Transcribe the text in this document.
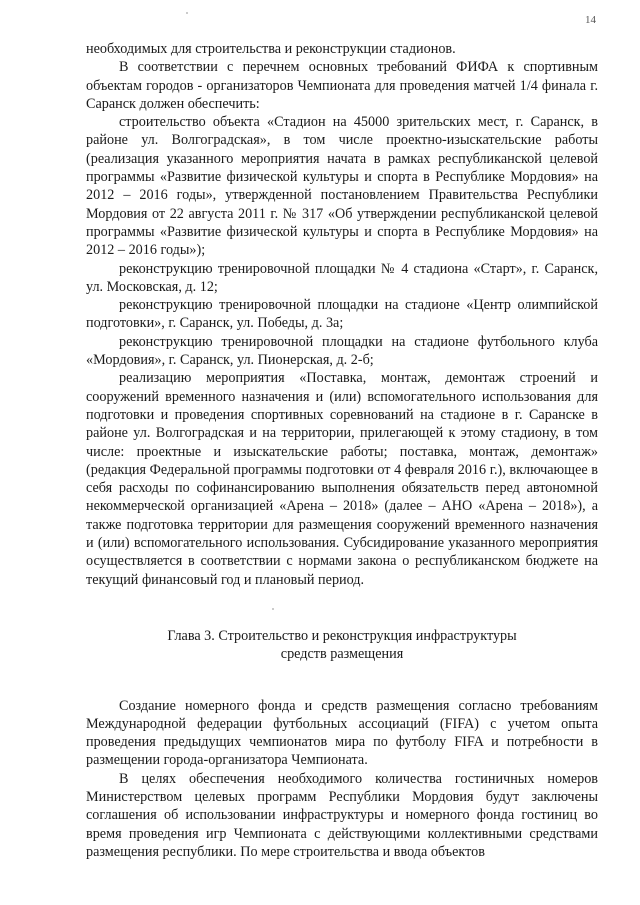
14

необходимых для строительства и реконструкции стадионов.

В соответствии с перечнем основных требований ФИФА к спортивным объектам городов - организаторов Чемпионата для проведения матчей 1/4 финала г. Саранск должен обеспечить:

строительство объекта «Стадион на 45000 зрительских мест, г. Саранск, в районе ул. Волгоградская», в том числе проектно-изыскательские работы (реализация указанного мероприятия начата в рамках республиканской целевой программы «Развитие физической культуры и спорта в Республике Мордовия» на 2012 – 2016 годы», утвержденной постановлением Правительства Республики Мордовия от 22 августа 2011 г. № 317 «Об утверждении республиканской целевой программы «Развитие физической культуры и спорта в Республике Мордовия» на 2012 – 2016 годы»);

реконструкцию тренировочной площадки № 4 стадиона «Старт», г. Саранск, ул. Московская, д. 12;

реконструкцию тренировочной площадки на стадионе «Центр олимпийской подготовки», г. Саранск, ул. Победы, д. 3а;

реконструкцию тренировочной площадки на стадионе футбольного клуба «Мордовия», г. Саранск, ул. Пионерская, д. 2-б;

реализацию мероприятия «Поставка, монтаж, демонтаж строений и сооружений временного назначения и (или) вспомогательного использования для подготовки и проведения спортивных соревнований на стадионе в г. Саранске в районе ул. Волгоградская и на территории, прилегающей к этому стадиону, в том числе: проектные и изыскательские работы; поставка, монтаж, демонтаж» (редакция Федеральной программы подготовки от 4 февраля 2016 г.), включающее в себя расходы по софинансированию выполнения обязательств перед автономной некоммерческой организацией «Арена – 2018» (далее – АНО «Арена – 2018»), а также подготовка территории для размещения сооружений временного назначения и (или) вспомогательного использования. Субсидирование указанного мероприятия осуществляется в соответствии с нормами закона о республиканском бюджете на текущий финансовый год и плановый период.

Глава 3. Строительство и реконструкция инфраструктуры
средств размещения

Создание номерного фонда и средств размещения согласно требованиям Международной федерации футбольных ассоциаций (FIFA) с учетом опыта проведения предыдущих чемпионатов мира по футболу FIFA и потребности в размещении города-организатора Чемпионата.

В целях обеспечения необходимого количества гостиничных номеров Министерством целевых программ Республики Мордовия будут заключены соглашения об использовании инфраструктуры и номерного фонда гостиниц во время проведения игр Чемпионата с действующими коллективными средствами размещения республики. По мере строительства и ввода объектов
